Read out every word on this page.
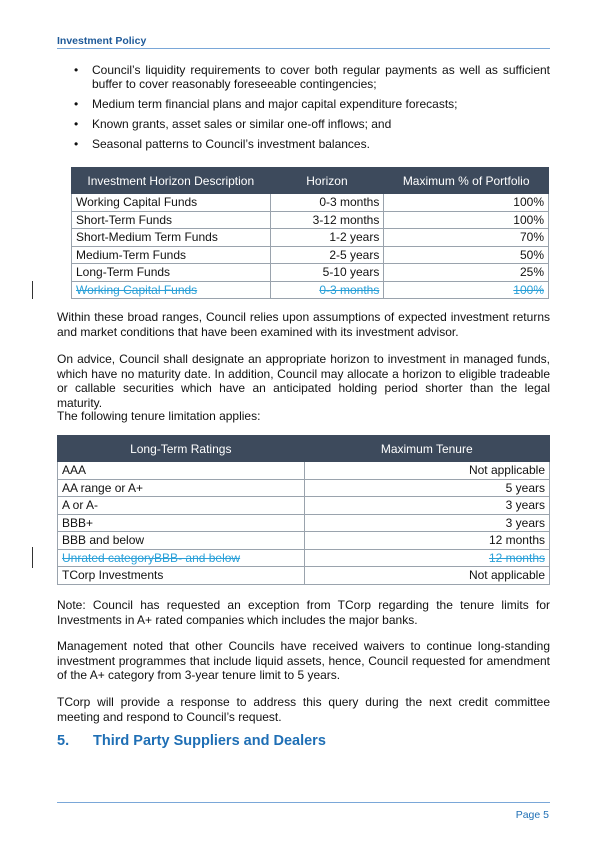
Investment Policy
• Council’s liquidity requirements to cover both regular payments as well as sufficient buffer to cover reasonably foreseeable contingencies;
• Medium term financial plans and major capital expenditure forecasts;
• Known grants, asset sales or similar one-off inflows; and
• Seasonal patterns to Council’s investment balances.
Investment Horizon Description	Horizon	Maximum % of Portfolio
Working Capital Funds	0-3 months	100%
Short-Term Funds	3-12 months	100%
Short-Medium Term Funds	1-2 years	70%
Medium-Term Funds	2-5 years	50%
Long-Term Funds	5-10 years	25%
Working Capital Funds	0-3 months	100%

Within these broad ranges, Council relies upon assumptions of expected investment returns and market conditions that have been examined with its investment advisor.

On advice, Council shall designate an appropriate horizon to investment in managed funds, which have no maturity date. In addition, Council may allocate a horizon to eligible tradeable or callable securities which have an anticipated holding period shorter than the legal maturity.

The following tenure limitation applies:

Long-Term Ratings	Maximum Tenure
AAA	Not applicable
AA range or A+	5 years
A or A-	3 years
BBB+	3 years
BBB and below	12 months
Unrated categoryBBB- and below	12 months
TCorp Investments	Not applicable

Note: Council has requested an exception from TCorp regarding the tenure limits for Investments in A+ rated companies which includes the major banks.

Management noted that other Councils have received waivers to continue long-standing investment programmes that include liquid assets, hence, Council requested for amendment of the A+ category from 3-year tenure limit to 5 years.

TCorp will provide a response to address this query during the next credit committee meeting and respond to Council’s request.

5. Third Party Suppliers and Dealers
Page 5
